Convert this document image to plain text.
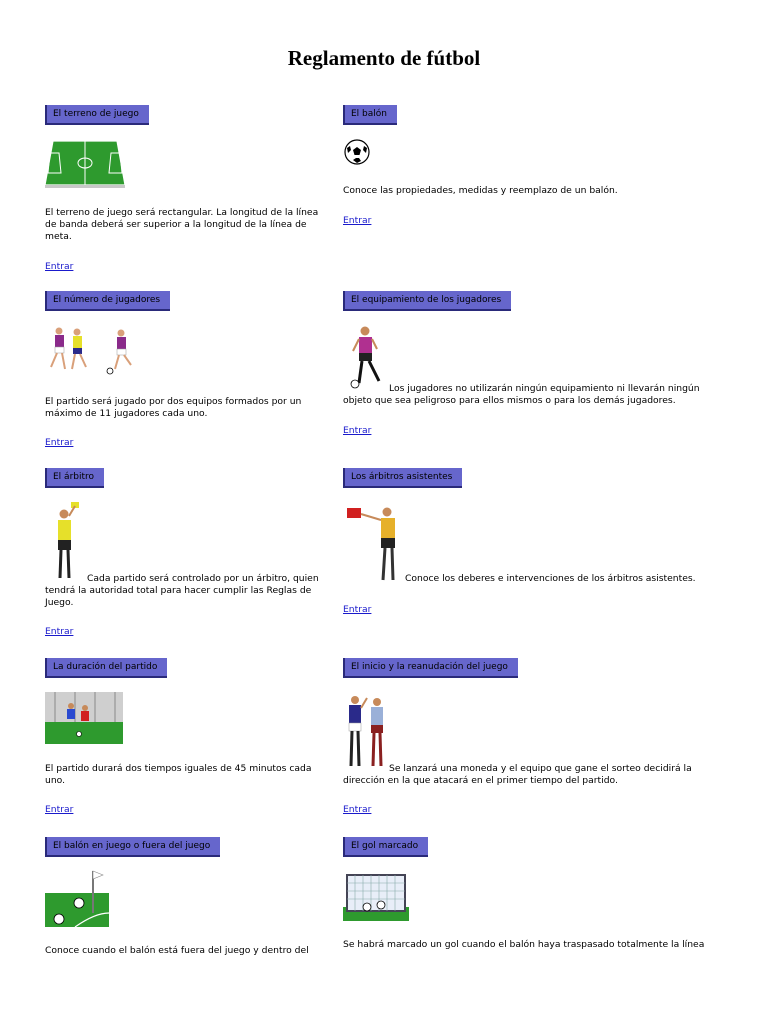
Reglamento de fútbol
El terreno de juego

El terreno de juego será rectangular. La longitud de la línea de banda deberá ser superior a la longitud de la línea de meta.

Entrar
El balón

Conoce las propiedades, medidas y reemplazo de un balón.

Entrar
El número de jugadores

El partido será jugado por dos equipos formados por un máximo de 11 jugadores cada uno.

Entrar
El equipamiento de los jugadores

Los jugadores no utilizarán ningún equipamiento ni llevarán ningún objeto que sea peligroso para ellos mismos o para los demás jugadores.

Entrar
El árbitro

Cada partido será controlado por un árbitro, quien tendrá la autoridad total para hacer cumplir las Reglas de Juego.

Entrar
Los árbitros asistentes

Conoce los deberes e intervenciones de los árbitros asistentes.

Entrar
La duración del partido

El partido durará dos tiempos iguales de 45 minutos cada uno.

Entrar
El inicio y la reanudación del juego

Se lanzará una moneda y el equipo que gane el sorteo decidirá la dirección en la que atacará en el primer tiempo del partido.

Entrar
El balón en juego o fuera del juego

Conoce cuando el balón está fuera del juego y dentro del

El gol marcado

Se habrá marcado un gol cuando el balón haya traspasado totalmente la línea
